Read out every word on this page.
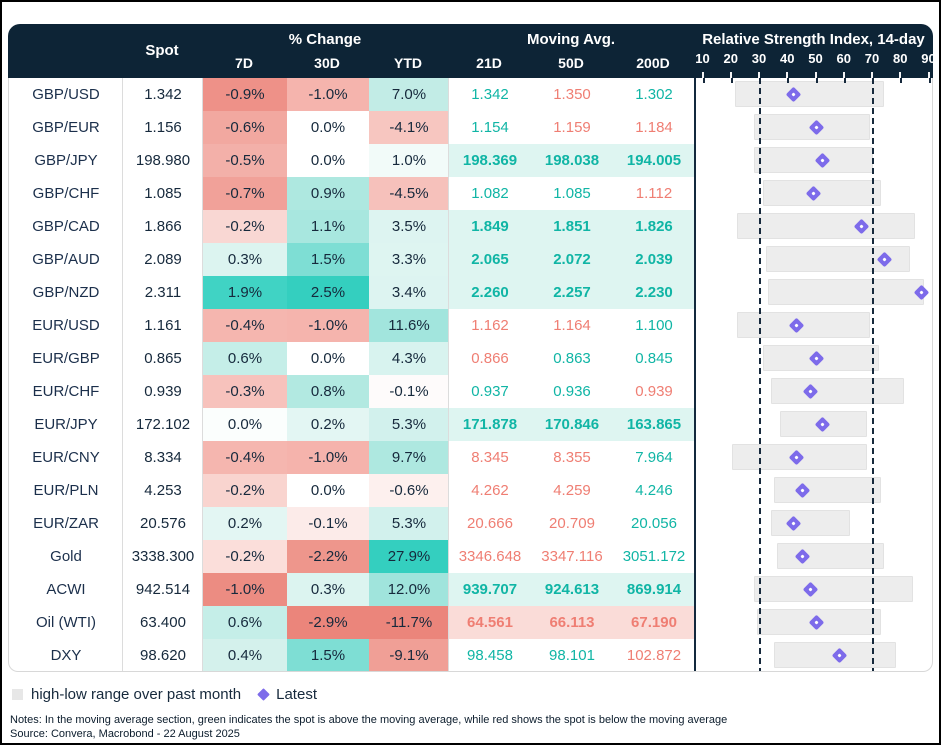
Spot
% Change
7D	30D	YTD
Moving Avg.
21D	50D	200D
Relative Strength Index, 14-day
10	20	30	40	50	60	70	80	90
GBP/USD	1.342	-0.9%	-1.0%	7.0%	1.342	1.350	1.302
GBP/EUR	1.156	-0.6%	0.0%	-4.1%	1.154	1.159	1.184
GBP/JPY	198.980	-0.5%	0.0%	1.0%	198.369	198.038	194.005
GBP/CHF	1.085	-0.7%	0.9%	-4.5%	1.082	1.085	1.112
GBP/CAD	1.866	-0.2%	1.1%	3.5%	1.849	1.851	1.826
GBP/AUD	2.089	0.3%	1.5%	3.3%	2.065	2.072	2.039
GBP/NZD	2.311	1.9%	2.5%	3.4%	2.260	2.257	2.230
EUR/USD	1.161	-0.4%	-1.0%	11.6%	1.162	1.164	1.100
EUR/GBP	0.865	0.6%	0.0%	4.3%	0.866	0.863	0.845
EUR/CHF	0.939	-0.3%	0.8%	-0.1%	0.937	0.936	0.939
EUR/JPY	172.102	0.0%	0.2%	5.3%	171.878	170.846	163.865
EUR/CNY	8.334	-0.4%	-1.0%	9.7%	8.345	8.355	7.964
EUR/PLN	4.253	-0.2%	0.0%	-0.6%	4.262	4.259	4.246
EUR/ZAR	20.576	0.2%	-0.1%	5.3%	20.666	20.709	20.056
Gold	3338.300	-0.2%	-2.2%	27.9%	3346.648	3347.116	3051.172
ACWI	942.514	-1.0%	0.3%	12.0%	939.707	924.613	869.914
Oil (WTI)	63.400	0.6%	-2.9%	-11.7%	64.561	66.113	67.190
DXY	98.620	0.4%	1.5%	-9.1%	98.458	98.101	102.872
high-low range over past month Latest
Notes: In the moving average section, green indicates the spot is above the moving average, while red shows the spot is below the moving average
Source: Convera, Macrobond - 22 August 2025
